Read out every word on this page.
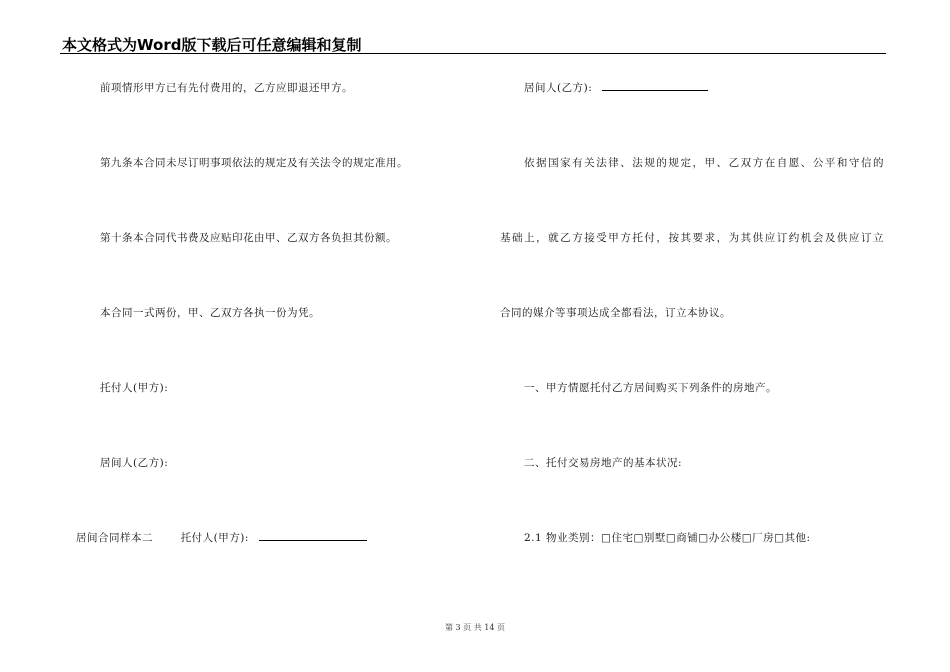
本文格式为Word版下载后可任意编辑和复制
前项情形甲方已有先付费用的，乙方应即退还甲方。
第九条本合同未尽订明事项依法的规定及有关法令的规定准用。
第十条本合同代书费及应贴印花由甲、乙双方各负担其份额。
本合同一式两份，甲、乙双方各执一份为凭。
托付人(甲方):
居间人(乙方):
居间合同样本二	托付人(甲方):
居间人(乙方):
依据国家有关法律、法规的规定，甲、乙双方在自愿、公平和守信的
基础上，就乙方接受甲方托付，按其要求，为其供应订约机会及供应订立
合同的媒介等事项达成全都看法，订立本协议。
一、甲方情愿托付乙方居间购买下列条件的房地产。
二、托付交易房地产的基本状况:
2.1 物业类别：□住宅□别墅□商铺□办公楼□厂房□其他:
第 3 页 共 14 页
